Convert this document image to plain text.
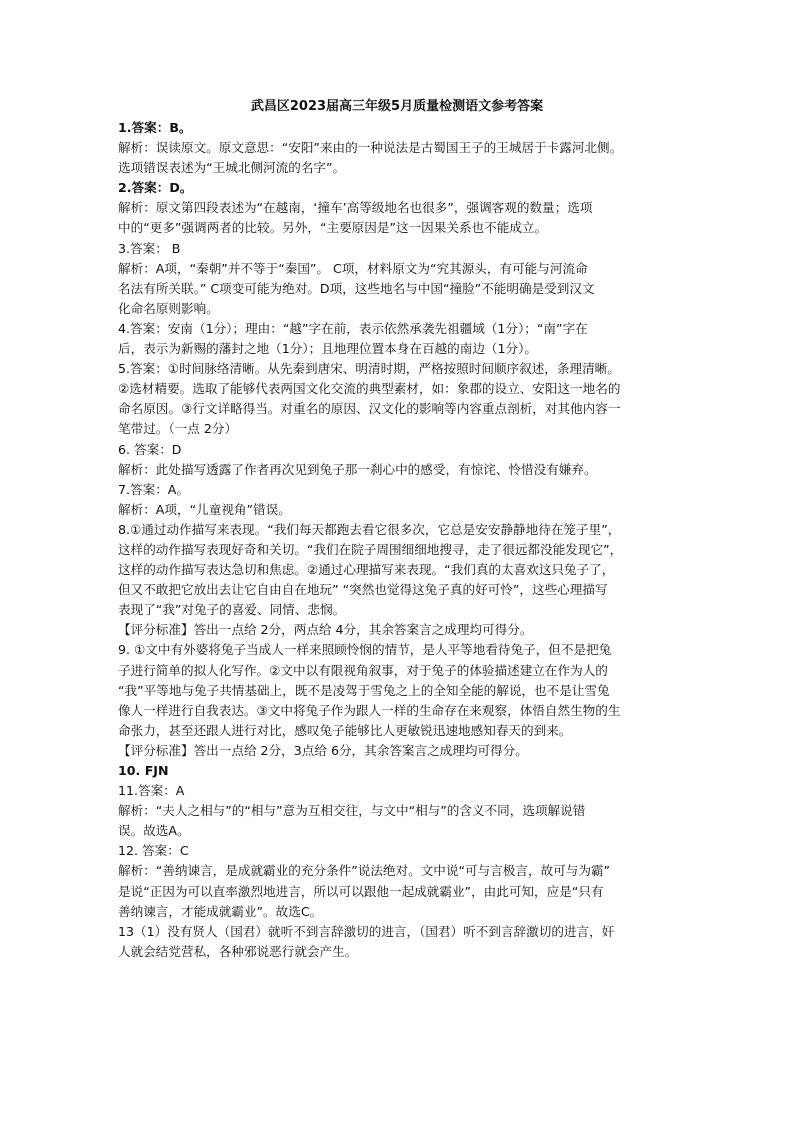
武昌区2023届高三年级5月质量检测语文参考答案
1.答案：B。
解析：误读原文。原文意思：“安阳”来由的一种说法是古蜀国王子的王城居于卡露河北侧。
选项错误表述为“王城北侧河流的名字”。
2.答案：D。
解析：原文第四段表述为“在越南，‘撞车’高等级地名也很多”，强调客观的数量；选项
中的“更多”强调两者的比较。另外，“主要原因是”这一因果关系也不能成立。
3.答案： B
解析：A项，“秦朝”并不等于“秦国”。 C项，材料原文为“究其源头，有可能与河流命
名法有所关联。” C项变可能为绝对。D项，这些地名与中国“撞脸”不能明确是受到汉文
化命名原则影响。
4.答案：安南（1分）；理由：“越”字在前，表示依然承袭先祖疆域（1分）；“南”字在
后，表示为新赐的藩封之地（1分）；且地理位置本身在百越的南边（1分）。
5.答案：①时间脉络清晰。从先秦到唐宋、明清时期，严格按照时间顺序叙述，条理清晰。
②选材精要。选取了能够代表两国文化交流的典型素材，如：象郡的设立、安阳这一地名的
命名原因。③行文详略得当。对重名的原因、汉文化的影响等内容重点剖析，对其他内容一
笔带过。（一点 2分）
6. 答案：D
解析：此处描写透露了作者再次见到兔子那一刹心中的感受，有惊诧、怜惜没有嫌弃。
7.答案：A。
解析：A项，“儿童视角”错误。
8.①通过动作描写来表现。“我们每天都跑去看它很多次，它总是安安静静地待在笼子里”，
这样的动作描写表现好奇和关切。“我们在院子周围细细地搜寻，走了很远都没能发现它”，
这样的动作描写表达急切和焦虑。②通过心理描写来表现。“我们真的太喜欢这只兔子了，
但又不敢把它放出去让它自由自在地玩” “突然也觉得这兔子真的好可怜”，这些心理描写
表现了“我”对兔子的喜爱、同情、悲悯。
【评分标准】答出一点给 2分，两点给 4分，其余答案言之成理均可得分。
9. ①文中有外婆将兔子当成人一样来照顾怜悯的情节，是人平等地看待兔子，但不是把兔
子进行简单的拟人化写作。②文中以有限视角叙事，对于兔子的体验描述建立在作为人的
“我”平等地与兔子共情基础上，既不是凌驾于雪兔之上的全知全能的解说，也不是让雪兔
像人一样进行自我表达。③文中将兔子作为跟人一样的生命存在来观察，体悟自然生物的生
命张力，甚至还跟人进行对比，感叹兔子能够比人更敏锐迅速地感知春天的到来。
【评分标准】答出一点给 2分，3点给 6分，其余答案言之成理均可得分。
10. FJN
11.答案：A
解析：“夫人之相与”的“相与”意为互相交往，与文中“相与”的含义不同，选项解说错
误。故选A。
12. 答案：C
解析：“善纳谏言，是成就霸业的充分条件”说法绝对。文中说“可与言极言，故可与为霸”
是说“正因为可以直率激烈地进言，所以可以跟他一起成就霸业”，由此可知，应是“只有
善纳谏言，才能成就霸业”。故选C。
13（1）没有贤人（国君）就听不到言辞激切的进言，（国君）听不到言辞激切的进言，奸
人就会结党营私，各种邪说恶行就会产生。
